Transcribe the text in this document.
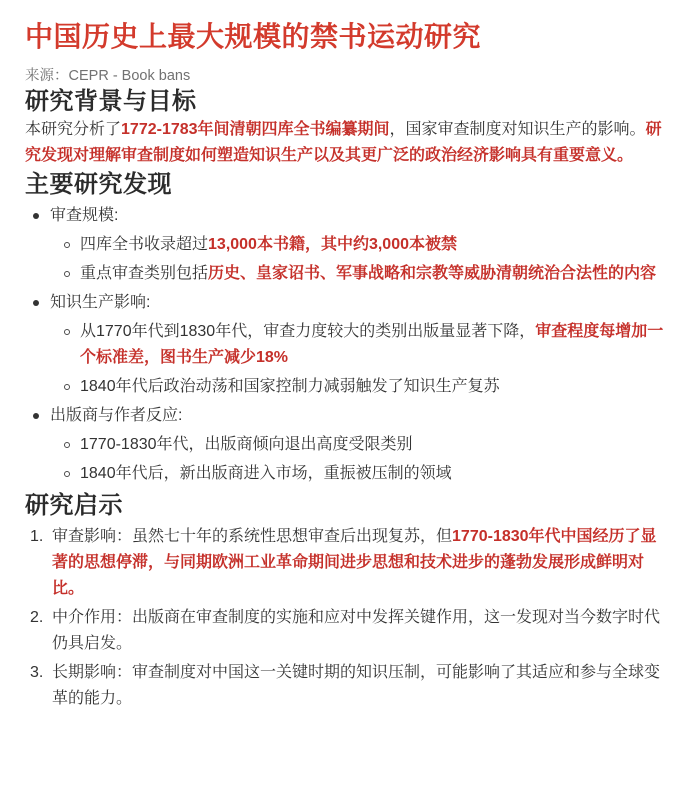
中国历史上最大规模的禁书运动研究
来源：CEPR - Book bans
研究背景与目标

本研究分析了1772-1783年间清朝四库全书编纂期间，国家审查制度对知识生产的影响。研究发现对理解审查制度如何塑造知识生产以及其更广泛的政治经济影响具有重要意义。

主要研究发现
审查规模:
四库全书收录超过13,000本书籍，其中约3,000本被禁
重点审查类别包括历史、皇家诏书、军事战略和宗教等威胁清朝统治合法性的内容
知识生产影响:
从1770年代到1830年代，审查力度较大的类别出版量显著下降，审查程度每增加一个标准差，图书生产减少18%
1840年代后政治动荡和国家控制力减弱触发了知识生产复苏
出版商与作者反应:
1770-1830年代，出版商倾向退出高度受限类别
1840年代后，新出版商进入市场，重振被压制的领域
研究启示
1. 审查影响：虽然七十年的系统性思想审查后出现复苏，但1770-1830年代中国经历了显著的思想停滞，与同期欧洲工业革命期间进步思想和技术进步的蓬勃发展形成鲜明对比。
2. 中介作用：出版商在审查制度的实施和应对中发挥关键作用，这一发现对当今数字时代仍具启发。
3. 长期影响：审查制度对中国这一关键时期的知识压制，可能影响了其适应和参与全球变革的能力。
